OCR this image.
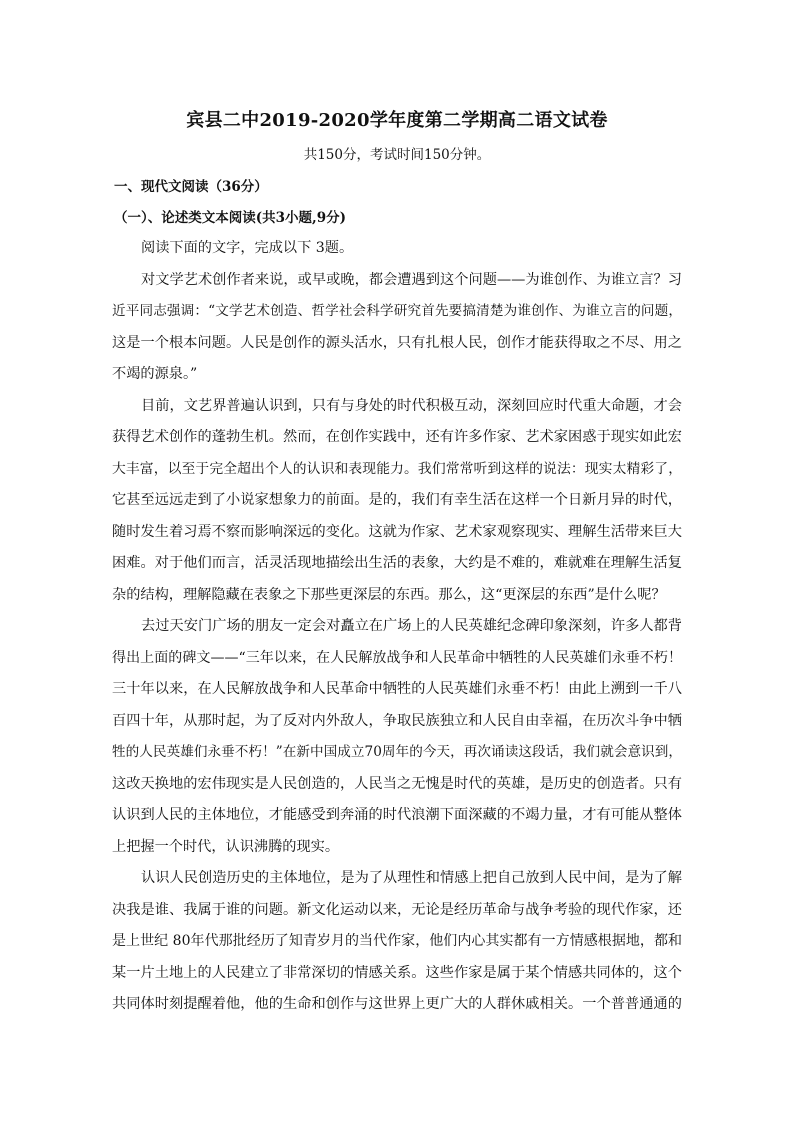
宾县二中2019-2020学年度第二学期高二语文试卷
共150分，考试时间150分钟。
一、现代文阅读（36分）
（一）、论述类文本阅读(共3小题,9分)
阅读下面的文字，完成以下 3题。
对文学艺术创作者来说，或早或晚，都会遭遇到这个问题——为谁创作、为谁立言？习
近平同志强调：“文学艺术创造、哲学社会科学研究首先要搞清楚为谁创作、为谁立言的问题，
这是一个根本问题。人民是创作的源头活水，只有扎根人民，创作才能获得取之不尽、用之
不竭的源泉。”
目前，文艺界普遍认识到，只有与身处的时代积极互动，深刻回应时代重大命题，才会
获得艺术创作的蓬勃生机。然而，在创作实践中，还有许多作家、艺术家困惑于现实如此宏
大丰富，以至于完全超出个人的认识和表现能力。我们常常听到这样的说法：现实太精彩了，
它甚至远远走到了小说家想象力的前面。是的，我们有幸生活在这样一个日新月异的时代，
随时发生着习焉不察而影响深远的变化。这就为作家、艺术家观察现实、理解生活带来巨大
困难。对于他们而言，活灵活现地描绘出生活的表象，大约是不难的，难就难在理解生活复
杂的结构，理解隐藏在表象之下那些更深层的东西。那么，这“更深层的东西”是什么呢？
去过天安门广场的朋友一定会对矗立在广场上的人民英雄纪念碑印象深刻，许多人都背
得出上面的碑文——“三年以来，在人民解放战争和人民革命中牺牲的人民英雄们永垂不朽！
三十年以来，在人民解放战争和人民革命中牺牲的人民英雄们永垂不朽！由此上溯到一千八
百四十年，从那时起，为了反对内外敌人，争取民族独立和人民自由幸福，在历次斗争中牺
牲的人民英雄们永垂不朽！”在新中国成立70周年的今天，再次诵读这段话，我们就会意识到，
这改天换地的宏伟现实是人民创造的，人民当之无愧是时代的英雄，是历史的创造者。只有
认识到人民的主体地位，才能感受到奔涌的时代浪潮下面深藏的不竭力量，才有可能从整体
上把握一个时代，认识沸腾的现实。
认识人民创造历史的主体地位，是为了从理性和情感上把自己放到人民中间，是为了解
决我是谁、我属于谁的问题。新文化运动以来，无论是经历革命与战争考验的现代作家，还
是上世纪 80年代那批经历了知青岁月的当代作家，他们内心其实都有一方情感根据地，都和
某一片土地上的人民建立了非常深切的情感关系。这些作家是属于某个情感共同体的，这个
共同体时刻提醒着他，他的生命和创作与这世界上更广大的人群休戚相关。一个普普通通的
